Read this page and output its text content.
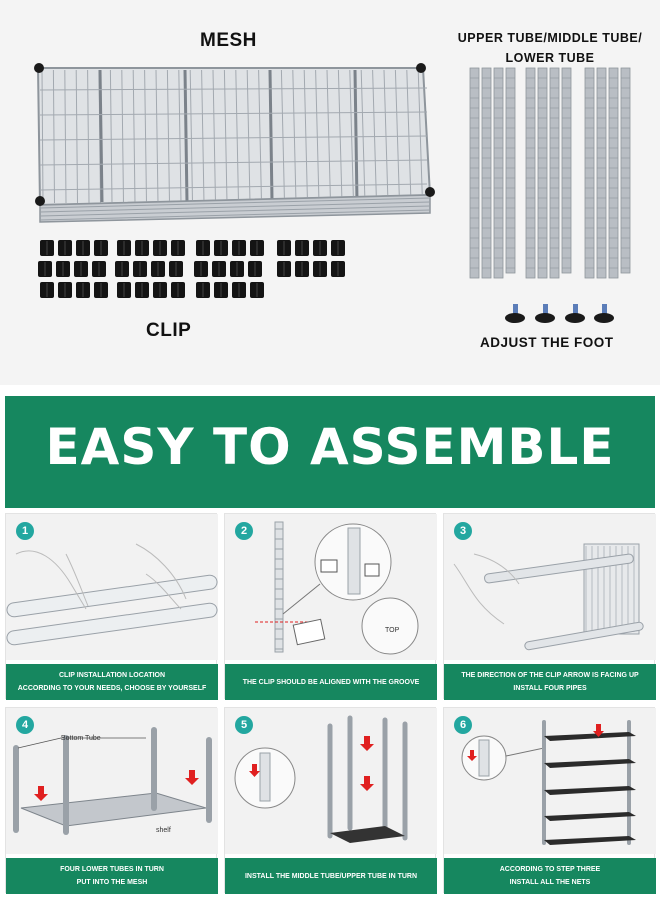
MESH	UPPER TUBE/MIDDLE TUBE/
LOWER TUBE
CLIP
ADJUST THE FOOT
EASY TO ASSEMBLE
1
CLIP INSTALLATION LOCATION
ACCORDING TO YOUR NEEDS, CHOOSE BY YOURSELF
TOP
2
THE CLIP SHOULD BE ALIGNED WITH THE GROOVE
3
THE DIRECTION OF THE CLIP ARROW IS FACING UP
INSTALL FOUR PIPES
Bottom Tube
shelf
4
FOUR LOWER TUBES IN TURN
PUT INTO THE MESH
5
INSTALL THE MIDDLE TUBE/UPPER TUBE IN TURN
6
ACCORDING TO STEP THREE
INSTALL ALL THE NETS
